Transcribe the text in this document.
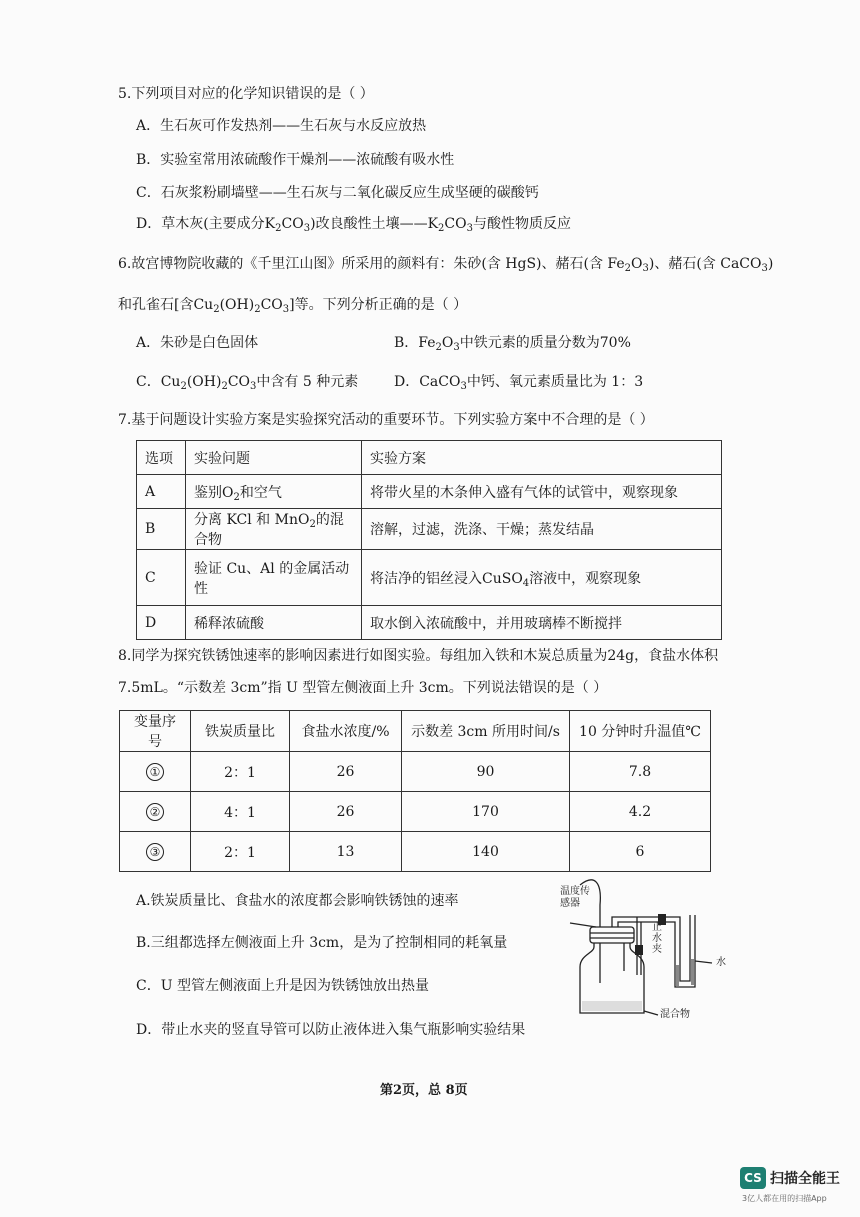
5.下列项目对应的化学知识错误的是（ ）
A．生石灰可作发热剂——生石灰与水反应放热
B．实验室常用浓硫酸作干燥剂——浓硫酸有吸水性
C．石灰浆粉刷墙壁——生石灰与二氧化碳反应生成坚硬的碳酸钙
D．草木灰(主要成分$K_2CO_3$)改良酸性土壤$——K_2CO_3$与酸性物质反应
6.故宫博物院收藏的《千里江山图》所采用的颜料有：朱砂(含 HgS)、赭石(含 $Fe_2O_3$)、赭石(含 CaCO$_3$)
和孔雀石[含$Cu_2(OH)_2CO_3$]等。下列分析正确的是（ ）
A．朱砂是白色固体	B．$Fe_2O_3$中铁元素的质量分数为70%
C．$Cu_2(OH)_2CO_3$中含有 5 种元素	D．CaCO$_3$中钙、氧元素质量比为 1：3
7.基于问题设计实验方案是实验探究活动的重要环节。下列实验方案中不合理的是（ ）
选项	实验问题	实验方案
A	鉴别$O_2$和空气	将带火星的木条伸入盛有气体的试管中，观察现象
B	分离 KCl 和 MnO$_2$的混合物	溶解，过滤，洗涤、干燥；蒸发结晶
C	验证 Cu、Al 的金属活动性	将洁净的铝丝浸入CuSO$_4$溶液中，观察现象
D	稀释浓硫酸	取水倒入浓硫酸中，并用玻璃棒不断搅拌
8.同学为探究铁锈蚀速率的影响因素进行如图实验。每组加入铁和木炭总质量为24g，食盐水体积
7.5mL。“示数差 3cm”指 U 型管左侧液面上升 3cm。下列说法错误的是（ ）
变量序号	铁炭质量比	食盐水浓度/%	示数差 3cm 所用时间/s	10 分钟时升温值℃
①	2：1	26	90	7.8
②	4：1	26	170	4.2
③	2：1	13	140	6
A.铁炭质量比、食盐水的浓度都会影响铁锈蚀的速率
B.三组都选择左侧液面上升 3cm，是为了控制相同的耗氧量
C．U 型管左侧液面上升是因为铁锈蚀放出热量
D．带止水夹的竖直导管可以防止液体进入集气瓶影响实验结果
温度传
感器
止
水
夹
水
混合物
第2页，总 8页
CS 扫描全能王
3亿人都在用的扫描App
